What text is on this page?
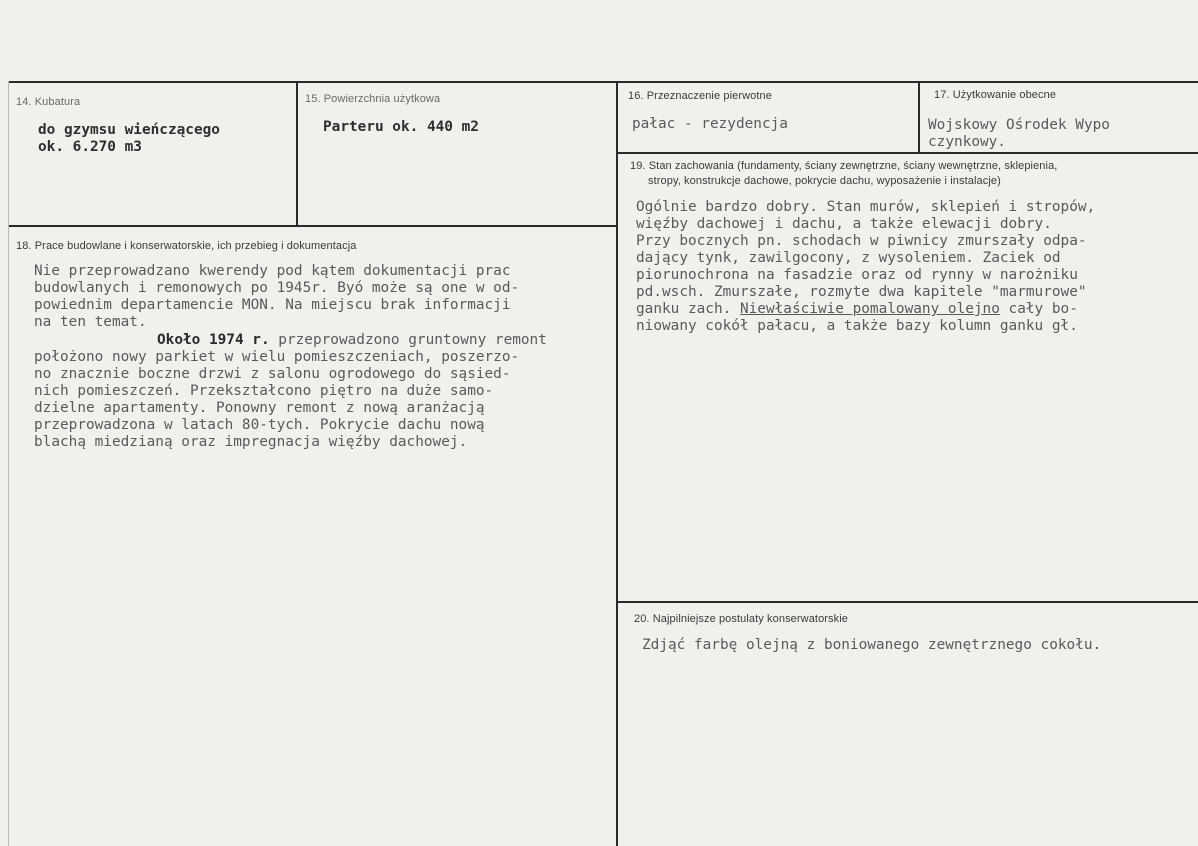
14. Kubatura
do gzymsu wieńczącego
ok. 6.270 m3
15. Powierzchnia użytkowa
Parteru ok. 440 m2
16. Przeznaczenie pierwotne
pałac - rezydencja
17. Użytkowanie obecne
Wojskowy Ośrodek Wypo
czynkowy.
18. Prace budowlane i konserwatorskie, ich przebieg i dokumentacja
Nie przeprowadzano kwerendy pod kątem dokumentacji prac
budowlanych i remonowych po 1945r. Byó może są one w od-
powiednim departamencie MON. Na miejscu brak informacji
na ten temat.
Około 1974 r. przeprowadzono gruntowny remont
położono nowy parkiet w wielu pomieszczeniach, poszerzo-
no znacznie boczne drzwi z salonu ogrodowego do sąsied-
nich pomieszczeń. Przekształcono piętro na duże samo-
dzielne apartamenty. Ponowny remont z nową aranżacją
przeprowadzona w latach 80-tych. Pokrycie dachu nową
blachą miedzianą oraz impregnacja więźby dachowej.
19. Stan zachowania (fundamenty, ściany zewnętrzne, ściany wewnętrzne, sklepienia,
stropy, konstrukcje dachowe, pokrycie dachu, wyposażenie i instalacje)
Ogólnie bardzo dobry. Stan murów, sklepień i stropów,
więźby dachowej i dachu, a także elewacji dobry.
Przy bocznych pn. schodach w piwnicy zmurszały odpa-
dający tynk, zawilgocony, z wysoleniem. Zaciek od
piorunochrona na fasadzie oraz od rynny w narożniku
pd.wsch. Zmurszałe, rozmyte dwa kapitele "marmurowe"
ganku zach. Niewłaściwie pomalowany olejno cały bo-
niowany cokół pałacu, a także bazy kolumn ganku gł.
20. Najpilniejsze postulaty konserwatorskie
Zdjąć farbę olejną z boniowanego zewnętrznego cokołu.
